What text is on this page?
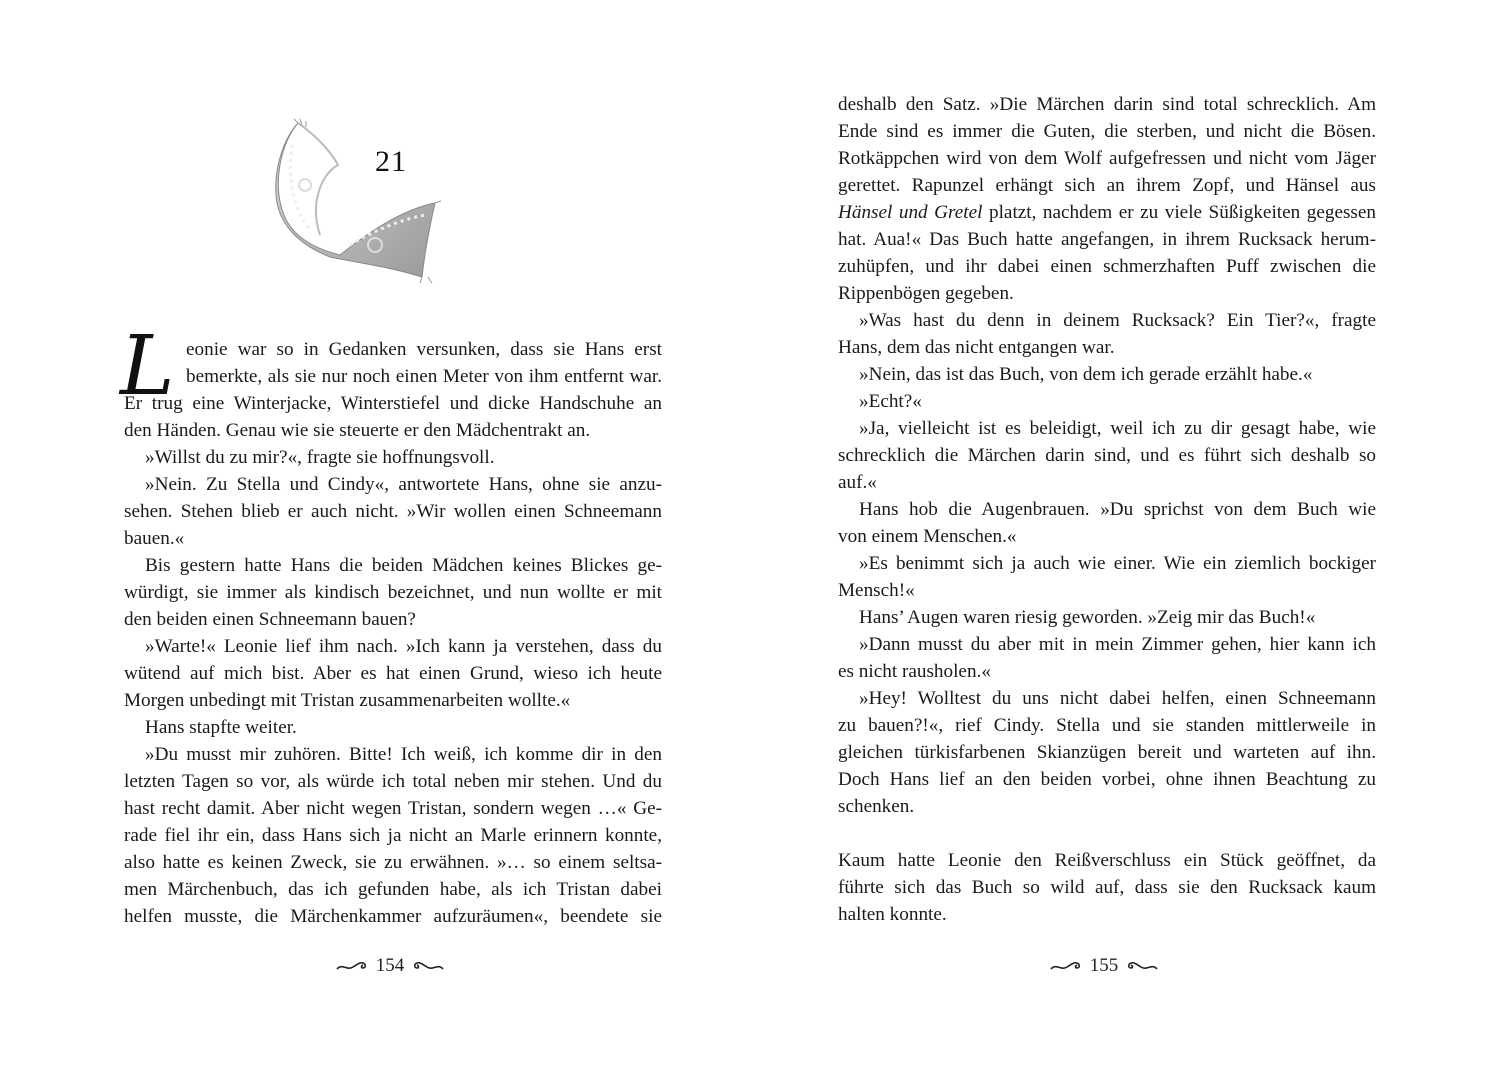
21
L eonie war so in Gedanken versunken, dass sie Hans erst
bemerkte, als sie nur noch einen Meter von ihm entfernt war.
Er trug eine Winterjacke, Winterstiefel und dicke Handschuhe an
den Händen. Genau wie sie steuerte er den Mädchentrakt an.
»Willst du zu mir?«, fragte sie hoffnungsvoll.
»Nein. Zu Stella und Cindy«, antwortete Hans, ohne sie anzu-
sehen. Stehen blieb er auch nicht. »Wir wollen einen Schneemann
bauen.«
Bis gestern hatte Hans die beiden Mädchen keines Blickes ge-
würdigt, sie immer als kindisch bezeichnet, und nun wollte er mit
den beiden einen Schneemann bauen?
»Warte!« Leonie lief ihm nach. »Ich kann ja verstehen, dass du
wütend auf mich bist. Aber es hat einen Grund, wieso ich heute
Morgen unbedingt mit Tristan zusammenarbeiten wollte.«
Hans stapfte weiter.
»Du musst mir zuhören. Bitte! Ich weiß, ich komme dir in den
letzten Tagen so vor, als würde ich total neben mir stehen. Und du
hast recht damit. Aber nicht wegen Tristan, sondern wegen …« Ge-
rade fiel ihr ein, dass Hans sich ja nicht an Marle erinnern konnte,
also hatte es keinen Zweck, sie zu erwähnen. »… so einem seltsa-
men Märchenbuch, das ich gefunden habe, als ich Tristan dabei
helfen musste, die Märchenkammer aufzuräumen«, beendete sie
154
deshalb den Satz. »Die Märchen darin sind total schrecklich. Am
Ende sind es immer die Guten, die sterben, und nicht die Bösen.
Rotkäppchen wird von dem Wolf aufgefressen und nicht vom Jäger
gerettet. Rapunzel erhängt sich an ihrem Zopf, und Hänsel aus
Hänsel und Gretel platzt, nachdem er zu viele Süßigkeiten gegessen
hat. Aua!« Das Buch hatte angefangen, in ihrem Rucksack herum-
zuhüpfen, und ihr dabei einen schmerzhaften Puff zwischen die
Rippenbögen gegeben.
»Was hast du denn in deinem Rucksack? Ein Tier?«, fragte
Hans, dem das nicht entgangen war.
»Nein, das ist das Buch, von dem ich gerade erzählt habe.«
»Echt?«
»Ja, vielleicht ist es beleidigt, weil ich zu dir gesagt habe, wie
schrecklich die Märchen darin sind, und es führt sich deshalb so
auf.«
Hans hob die Augenbrauen. »Du sprichst von dem Buch wie
von einem Menschen.«
»Es benimmt sich ja auch wie einer. Wie ein ziemlich bockiger
Mensch!«
Hans’ Augen waren riesig geworden. »Zeig mir das Buch!«
»Dann musst du aber mit in mein Zimmer gehen, hier kann ich
es nicht rausholen.«
»Hey! Wolltest du uns nicht dabei helfen, einen Schneemann
zu bauen?!«, rief Cindy. Stella und sie standen mittlerweile in
gleichen türkisfarbenen Skianzügen bereit und warteten auf ihn.
Doch Hans lief an den beiden vorbei, ohne ihnen Beachtung zu
schenken.
Kaum hatte Leonie den Reißverschluss ein Stück geöffnet, da
führte sich das Buch so wild auf, dass sie den Rucksack kaum
halten konnte.
155
